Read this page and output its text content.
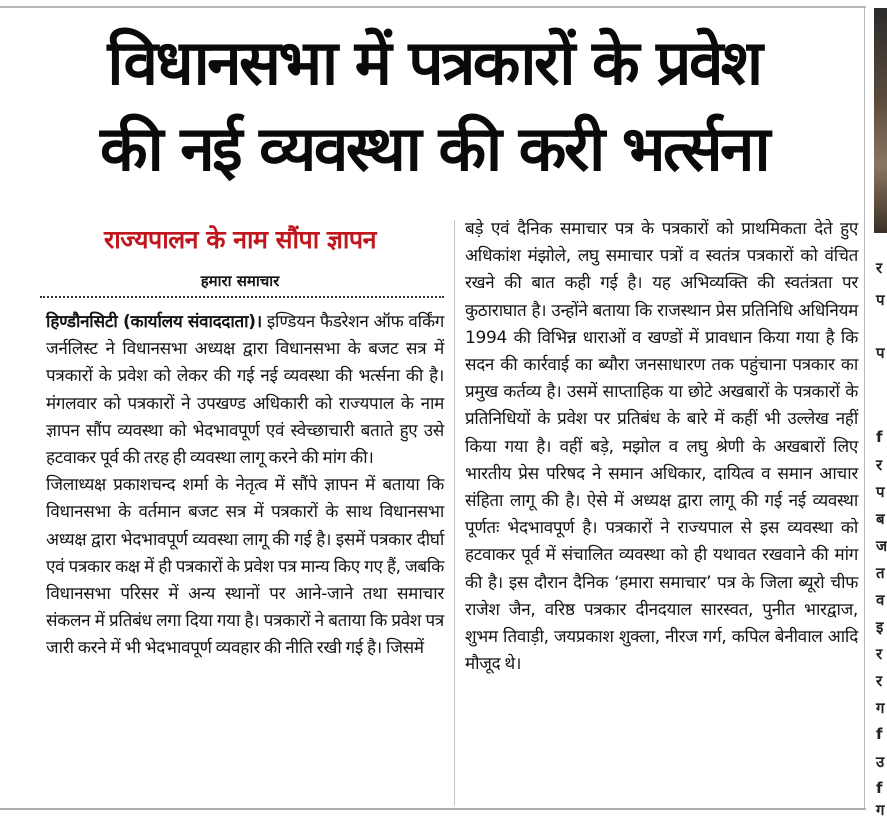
विधानसभा में पत्रकारों के प्रवेश
की नई व्यवस्था की करी भर्त्सना
राज्यपालन के नाम सौंपा ज्ञापन
हमारा समाचार

हिण्डौनसिटी (कार्यालय संवाददाता)। इण्डियन फैडरेशन ऑफ वर्किंग जर्नलिस्ट ने विधानसभा अध्यक्ष द्वारा विधानसभा के बजट सत्र में पत्रकारों के प्रवेश को लेकर की गई नई व्यवस्था की भर्त्सना की है। मंगलवार को पत्रकारों ने उपखण्ड अधिकारी को राज्यपाल के नाम ज्ञापन सौंप व्यवस्था को भेदभावपूर्ण एवं स्वेच्छाचारी बताते हुए उसे हटवाकर पूर्व की तरह ही व्यवस्था लागू करने की मांग की।

जिलाध्यक्ष प्रकाशचन्द शर्मा के नेतृत्व में सौंपे ज्ञापन में बताया कि विधानसभा के वर्तमान बजट सत्र में पत्रकारों के साथ विधानसभा अध्यक्ष द्वारा भेदभावपूर्ण व्यवस्था लागू की गई है। इसमें पत्रकार दीर्घा एवं पत्रकार कक्ष में ही पत्रकारों के प्रवेश पत्र मान्य किए गए हैं, जबकि विधानसभा परिसर में अन्य स्थानों पर आने-जाने तथा समाचार संकलन में प्रतिबंध लगा दिया गया है। पत्रकारों ने बताया कि प्रवेश पत्र जारी करने में भी भेदभावपूर्ण व्यवहार की नीति रखी गई है। जिसमें

बड़े एवं दैनिक समाचार पत्र के पत्रकारों को प्राथमिकता देते हुए अधिकांश मंझोले, लघु समाचार पत्रों व स्वतंत्र पत्रकारों को वंचित रखने की बात कही गई है। यह अभिव्यक्ति की स्वतंत्रता पर कुठाराघात है। उन्होंने बताया कि राजस्थान प्रेस प्रतिनिधि अधिनियम 1994 की विभिन्न धाराओं व खण्डों में प्रावधान किया गया है कि सदन की कार्रवाई का ब्यौरा जनसाधारण तक पहुंचाना पत्रकार का प्रमुख कर्तव्य है। उसमें साप्ताहिक या छोटे अखबारों के पत्रकारों के प्रतिनिधियों के प्रवेश पर प्रतिबंध के बारे में कहीं भी उल्लेख नहीं किया गया है। वहीं बड़े, मझोल व लघु श्रेणी के अखबारों लिए भारतीय प्रेस परिषद ने समान अधिकार, दायित्व व समान आचार संहिता लागू की है। ऐसे में अध्यक्ष द्वारा लागू की गई नई व्यवस्था पूर्णतः भेदभावपूर्ण है। पत्रकारों ने राज्यपाल से इस व्यवस्था को हटवाकर पूर्व में संचालित व्यवस्था को ही यथावत रखवाने की मांग की है। इस दौरान दैनिक ‘हमारा समाचार’ पत्र के जिला ब्यूरो चीफ राजेश जैन, वरिष्ठ पत्रकार दीनदयाल सारस्वत, पुनीत भारद्वाज, शुभम तिवाड़ी, जयप्रकाश शुक्ला, नीरज गर्ग, कपिल बेनीवाल आदि मौजूद थे।

र
प
प
f
र
प
ब
ज
त
व
इ
र
र
ग
f
उ
f
ग
